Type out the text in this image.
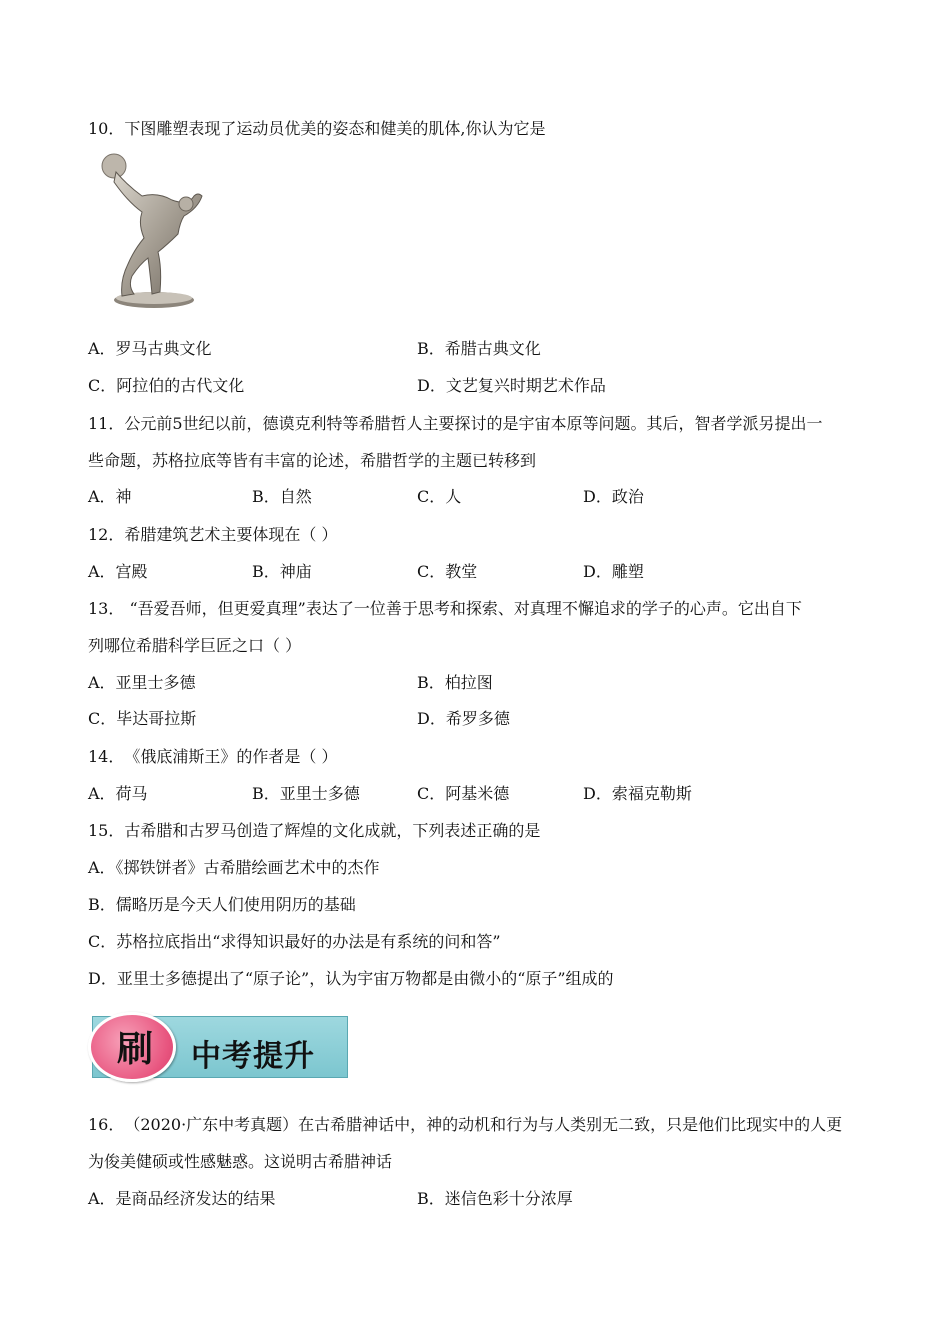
10．下图雕塑表现了运动员优美的姿态和健美的肌体,你认为它是
A．罗马古典文化	B．希腊古典文化
C．阿拉伯的古代文化	D．文艺复兴时期艺术作品
11．公元前5世纪以前，德谟克利特等希腊哲人主要探讨的是宇宙本原等问题。其后，智者学派另提出一
些命题，苏格拉底等皆有丰富的论述，希腊哲学的主题已转移到
A．神	B．自然	C．人	D．政治
12．希腊建筑艺术主要体现在（ ）
A．宫殿	B．神庙	C．教堂	D．雕塑
13． “吾爱吾师，但更爱真理”表达了一位善于思考和探索、对真理不懈追求的学子的心声。它出自下
列哪位希腊科学巨匠之口（ ）
A．亚里士多德	B．柏拉图
C．毕达哥拉斯	D．希罗多德
14．《俄底浦斯王》的作者是（ ）
A．荷马	B．亚里士多德	C．阿基米德	D．索福克勒斯
15．古希腊和古罗马创造了辉煌的文化成就，下列表述正确的是
A．《掷铁饼者》古希腊绘画艺术中的杰作
B．儒略历是今天人们使用阴历的基础
C．苏格拉底指出“求得知识最好的办法是有系统的问和答”
D．亚里士多德提出了“原子论”，认为宇宙万物都是由微小的“原子”组成的
中考提升
刷
16．（2020·广东中考真题）在古希腊神话中，神的动机和行为与人类别无二致，只是他们比现实中的人更
为俊美健硕或性感魅惑。这说明古希腊神话
A．是商品经济发达的结果	B．迷信色彩十分浓厚
